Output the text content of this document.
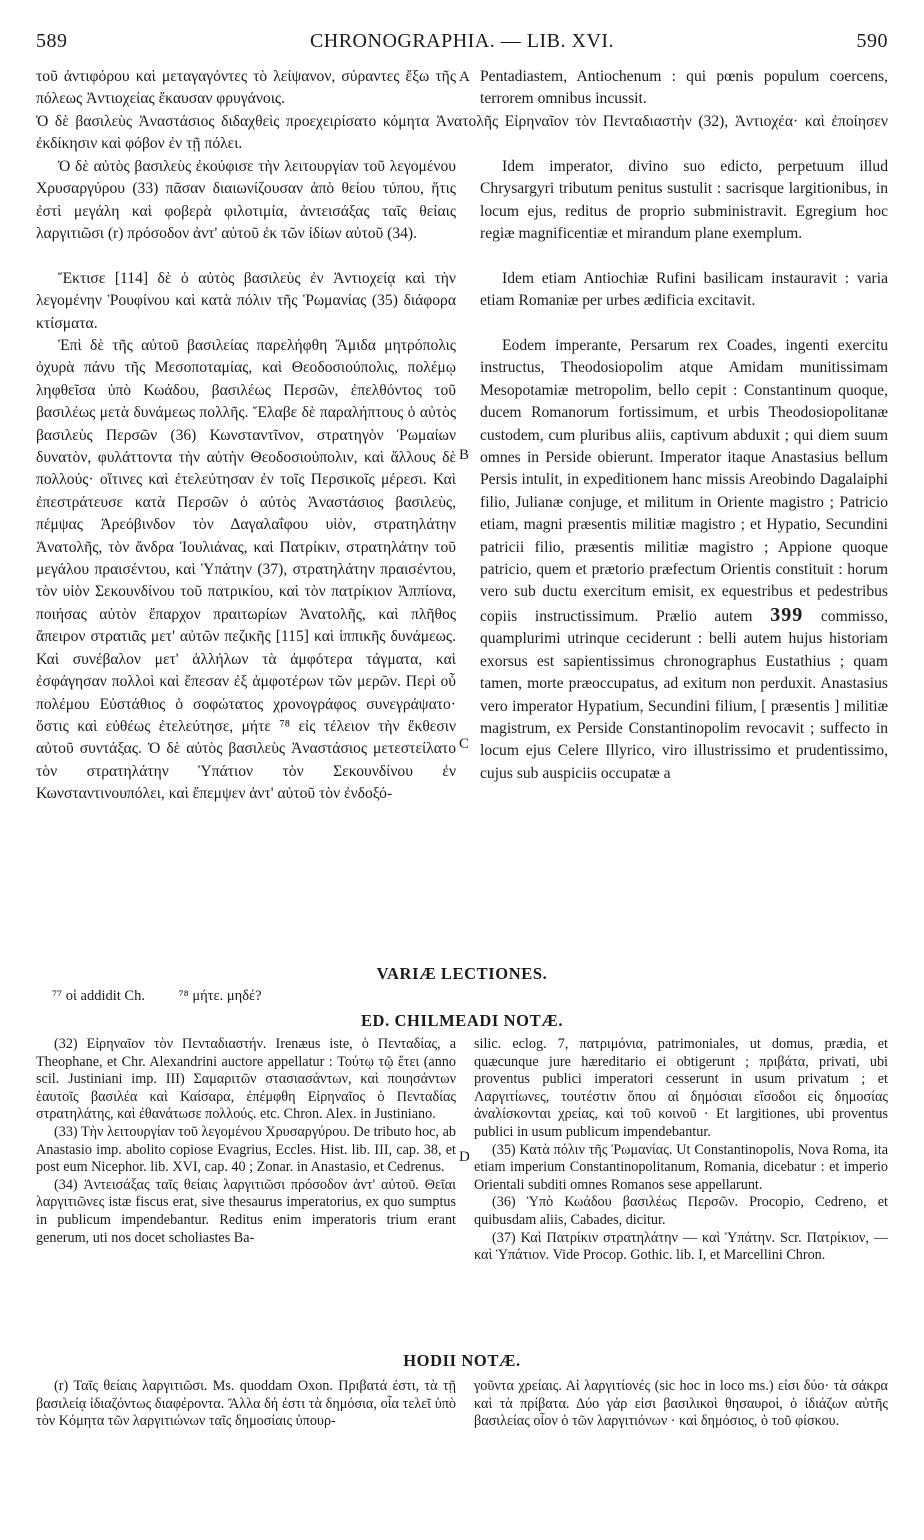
589	CHRONOGRAPHIA. — LIB. XVI.	590
A
B
C
D

τοῦ ἀντιφόρου καὶ μεταγαγόντες τὸ λείψανον, σύραντες ἔξω τῆς πόλεως Ἀντιοχείας ἔκαυσαν φρυγάνοις.

Ὁ δὲ βασιλεὺς Ἀναστάσιος διδαχθεὶς προεχειρίσατο κόμητα Ἀνατολῆς Εἰρηναῖον τὸν Πενταδιαστὴν (32), Ἀντιοχέα· καὶ ἐποίησεν ἐκδίκησιν καὶ φόβον ἐν τῇ πόλει.

Ὁ δὲ αὐτὸς βασιλεὺς ἐκούφισε τὴν λειτουργίαν τοῦ λεγομένου Χρυσαργύρου (33) πᾶσαν διαιωνίζουσαν ἀπὸ θείου τύπου, ἥτις ἐστὶ μεγάλη καὶ φοβερὰ φιλοτιμία, ἀντεισάξας ταῖς θείαις λαργιτιῶσι (r) πρόσοδον ἀντ' αὐτοῦ ἐκ τῶν ἰδίων αὐτοῦ (34).

Ἔκτισε [114] δὲ ὁ αὐτὸς βασιλεὺς ἐν Ἀντιοχείᾳ καὶ τὴν λεγομένην Ῥουφίνου καὶ κατὰ πόλιν τῆς Ῥωμανίας (35) διάφορα κτίσματα.

Ἐπὶ δὲ τῆς αὐτοῦ βασιλείας παρελήφθη Ἄμιδα μητρόπολις ὀχυρὰ πάνυ τῆς Μεσοποταμίας, καὶ Θεοδοσιούπολις, πολέμῳ ληφθεῖσα ὑπὸ Κωάδου, βασιλέως Περσῶν, ἐπελθόντος τοῦ βασιλέως μετὰ δυνάμεως πολλῆς. Ἔλαβε δὲ παραλήπτους ὁ αὐτὸς βασιλεὺς Περσῶν (36) Κωνσταντῖνον, στρατηγὸν Ῥωμαίων δυνατὸν, φυλάττοντα τὴν αὐτὴν Θεοδοσιούπολιν, καὶ ἄλλους δὲ πολλούς· οἵτινες καὶ ἐτελεύτησαν ἐν τοῖς Περσικοῖς μέρεσι. Καὶ ἐπεστράτευσε κατὰ Περσῶν ὁ αὐτὸς Ἀναστάσιος βασιλεὺς, πέμψας Ἀρεόβινδον τὸν Δαγαλαΐφου υἱὸν, στρατηλάτην Ἀνατολῆς, τὸν ἄνδρα Ἰουλιάνας, καὶ Πατρίκιν, στρατηλάτην τοῦ μεγάλου πραισέντου, καὶ Ὑπάτην (37), στρατηλάτην πραισέντου, τὸν υἱὸν Σεκουνδίνου τοῦ πατρικίου, καὶ τὸν πατρίκιον Ἀππίονα, ποιήσας αὐτὸν ἔπαρχον πραιτωρίων Ἀνατολῆς, καὶ πλῆθος ἄπειρον στρατιᾶς μετ' αὐτῶν πεζικῆς [115] καὶ ἱππικῆς δυνάμεως. Καὶ συνέβαλον μετ' ἀλλήλων τὰ ἀμφότερα τάγματα, καὶ ἐσφάγησαν πολλοὶ καὶ ἔπεσαν ἐξ ἀμφοτέρων τῶν μερῶν. Περὶ οὗ πολέμου Εὐστάθιος ὁ σοφώτατος χρονογράφος συνεγράψατο· ὅστις καὶ εὐθέως ἐτελεύτησε, μήτε ⁷⁸ εἰς τέλειον τὴν ἔκθεσιν αὐτοῦ συντάξας. Ὁ δὲ αὐτὸς βασιλεὺς Ἀναστάσιος μετεστείλατο τὸν στρατηλάτην Ὑπάτιον τὸν Σεκουνδίνου ἐν Κωνσταντινουπόλει, καὶ ἔπεμψεν ἀντ' αὐτοῦ τὸν ἐνδοξό-

Pentadiastem, Antiochenum : qui pœnis populum coercens, terrorem omnibus incussit.

Idem imperator, divino suo edicto, perpetuum illud Chrysargyri tributum penitus sustulit : sacrisque largitionibus, in locum ejus, reditus de proprio subministravit. Egregium hoc regiæ magnificentiæ et mirandum plane exemplum.

Idem etiam Antiochiæ Rufini basilicam instauravit : varia etiam Romaniæ per urbes ædificia excitavit.

Eodem imperante, Persarum rex Coades, ingenti exercitu instructus, Theodosiopolim atque Amidam munitissimam Mesopotamiæ metropolim, bello cepit : Constantinum quoque, ducem Romanorum fortissimum, et urbis Theodosiopolitanæ custodem, cum pluribus aliis, captivum abduxit ; qui diem suum omnes in Perside obierunt. Imperator itaque Anastasius bellum Persis intulit, in expeditionem hanc missis Areobindo Dagalaiphi filio, Julianæ conjuge, et militum in Oriente magistro ; Patricio etiam, magni præsentis militiæ magistro ; et Hypatio, Secundini patricii filio, præsentis militiæ magistro ; Appione quoque patricio, quem et prætorio præfectum Orientis constituit : horum vero sub ductu exercitum emisit, ex equestribus et pedestribus copiis instructissimum. Prælio autem 399 commisso, quamplurimi utrinque ceciderunt : belli autem hujus historiam exorsus est sapientissimus chronographus Eustathius ; quam tamen, morte præoccupatus, ad exitum non perduxit. Anastasius vero imperator Hypatium, Secundini filium, [ præsentis ] militiæ magistrum, ex Perside Constantinopolim revocavit ; suffecto in locum ejus Celere Illyrico, viro illustrissimo et prudentissimo, cujus sub auspiciis occupatæ a

VARIÆ LECTIONES.
⁷⁷ οἱ addidit Ch. ⁷⁸ μήτε. μηδέ?
ED. CHILMEADI NOTÆ.

(32) Εἰρηναῖον τὸν Πενταδιαστήν. Irenæus iste, ὁ Πενταδίας, a Theophane, et Chr. Alexandrini auctore appellatur : Τούτῳ τῷ ἔτει (anno scil. Justiniani imp. III) Σαμαριτῶν στασιασάντων, καὶ ποιησάντων ἑαυτοῖς βασιλέα καὶ Καίσαρα, ἐπέμφθη Εἰρηναῖος ὁ Πενταδίας στρατηλάτης, καὶ ἐθανάτωσε πολλούς. etc. Chron. Alex. in Justiniano.

(33) Τὴν λειτουργίαν τοῦ λεγομένου Χρυσαργύρου. De tributo hoc, ab Anastasio imp. abolito copiose Evagrius, Eccles. Hist. lib. III, cap. 38, et post eum Nicephor. lib. XVI, cap. 40 ; Zonar. in Anastasio, et Cedrenus.

(34) Ἀντεισάξας ταῖς θείαις λαργιτιῶσι πρόσοδον ἀντ' αὐτοῦ. Θεῖαι λαργιτιῶνες istæ fiscus erat, sive thesaurus imperatorius, ex quo sumptus in publicum impendebantur. Reditus enim imperatoris trium erant generum, uti nos docet scholiastes Ba-

silic. eclog. 7, πατριμόνια, patrimoniales, ut domus, prædia, et quæcunque jure hæreditario ei obtigerunt ; πριβάτα, privati, ubi proventus publici imperatori cesserunt in usum privatum ; et Λαργιτίωνες, τουτέστιν ὅπου αἱ δημόσιαι εἴσοδοι εἰς δημοσίας ἀναλίσκονται χρείας, καὶ τοῦ κοινοῦ · Et largitiones, ubi proventus publici in usum publicum impendebantur.

(35) Κατὰ πόλιν τῆς Ῥωμανίας. Ut Constantinopolis, Nova Roma, ita etiam imperium Constantinopolitanum, Romania, dicebatur : et imperio Orientali subditi omnes Romanos sese appellarunt.

(36) Ὑπὸ Κωάδου βασιλέως Περσῶν. Procopio, Cedreno, et quibusdam aliis, Cabades, dicitur.

(37) Καὶ Πατρίκιν στρατηλάτην — καὶ Ὑπάτην. Scr. Πατρίκιον, — καὶ Ὑπάτιον. Vide Procop. Gothic. lib. I, et Marcellini Chron.

HODII NOTÆ.

(r) Ταῖς θείαις λαργιτιῶσι. Ms. quoddam Oxon. Πριβατά ἐστι, τὰ τῇ βασιλείᾳ ἰδιαζόντως διαφέροντα. Ἄλλα δή ἐστι τὰ δημόσια, οἷα τελεῖ ὑπὸ τὸν Κόμητα τῶν λαργιτιώνων ταῖς δημοσίαις ὑπουρ-

γοῦντα χρείαις. Αἱ λαργιτίονές (sic hoc in loco ms.) εἰσι δύο· τὰ σάκρα καὶ τὰ πρίβατα. Δύο γάρ εἰσι βασιλικοὶ θησαυροὶ, ὁ ἰδιάζων αὐτῆς βασιλείας οἷον ὁ τῶν λαργιτιόνων · καὶ δημόσιος, ὁ τοῦ φίσκου.
